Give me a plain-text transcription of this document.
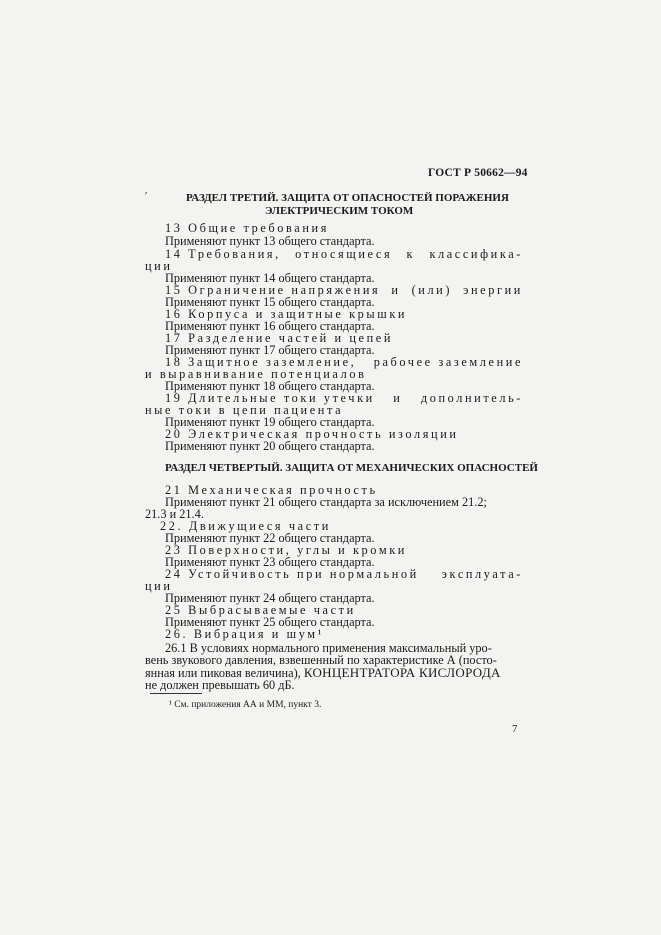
ГОСТ Р 50662—94
ʹ	РАЗДЕЛ ТРЕТИЙ. ЗАЩИТА ОТ ОПАСНОСТЕЙ ПОРАЖЕНИЯ
ЭЛЕКТРИЧЕСКИМ ТОКОМ
13 Общие требования
Применяют пункт 13 общего стандарта.
14 Требования, относящиеся к классифика-
ции
Применяют пункт 14 общего стандарта.
15 Ограничение напряжения и (или) энергии
Применяют пункт 15 общего стандарта.
16 Корпуса и защитные крышки
Применяют пункт 16 общего стандарта.
17 Разделение частей и цепей
Применяют пункт 17 общего стандарта.
18 Защитное заземление, рабочее заземление
и выравнивание потенциалов
Применяют пункт 18 общего стандарта.
19 Длительные токи утечки и дополнитель-
ные токи в цепи пациента
Применяют пункт 19 общего стандарта.
20 Электрическая прочность изоляции
Применяют пункт 20 общего стандарта.
РАЗДЕЛ ЧЕТВЕРТЫЙ. ЗАЩИТА ОТ МЕХАНИЧЕСКИХ ОПАСНОСТЕЙ
21 Механическая прочность
Применяют пункт 21 общего стандарта за исключением 21.2;
21.3 и 21.4.
22. Движущиеся части
Применяют пункт 22 общего стандарта.
23 Поверхности, углы и кромки
Применяют пункт 23 общего стандарта.
24 Устойчивость при нормальной эксплуата-
ции
Применяют пункт 24 общего стандарта.
25 Выбрасываемые части
Применяют пункт 25 общего стандарта.
26. Вибрация и шум¹
26.1 В условиях нормального применения максимальный уро-
вень звукового давления, взвешенный по характеристике А (посто-
янная или пиковая величина), КОНЦЕНТРАТОРА КИСЛОРОДА
не должен превышать 60 дБ.
¹ См. приложения АА и ММ, пункт 3.
7
